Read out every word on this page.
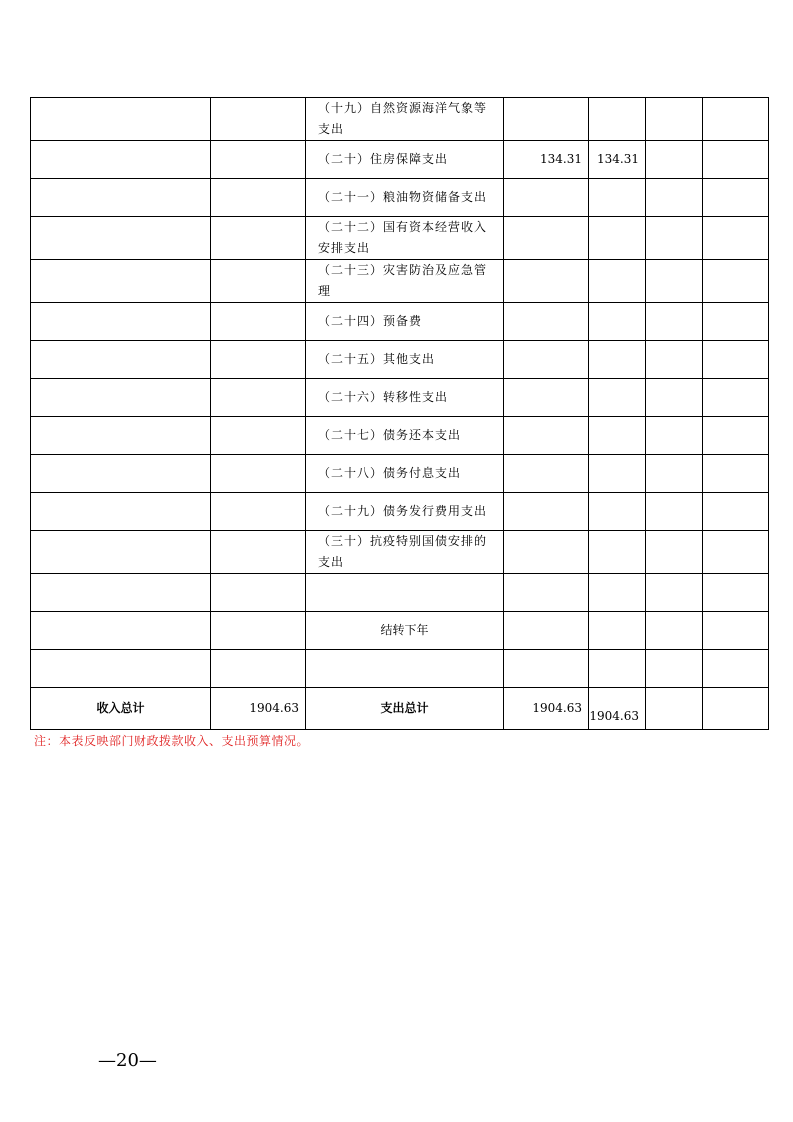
		（十九）自然资源海洋气象等支出				
		（二十）住房保障支出	134.31	134.31		
		（二十一）粮油物资储备支出				
		（二十二）国有资本经营收入安排支出				
		（二十三）灾害防治及应急管理				
		（二十四）预备费				
		（二十五）其他支出				
		（二十六）转移性支出				
		（二十七）债务还本支出				
		（二十八）债务付息支出				
		（二十九）债务发行费用支出				
		（三十）抗疫特别国债安排的支出				

		结转下年				

收入总计	1904.63	支出总计	1904.63	1904.63		
注：本表反映部门财政拨款收入、支出预算情况。
—20—
